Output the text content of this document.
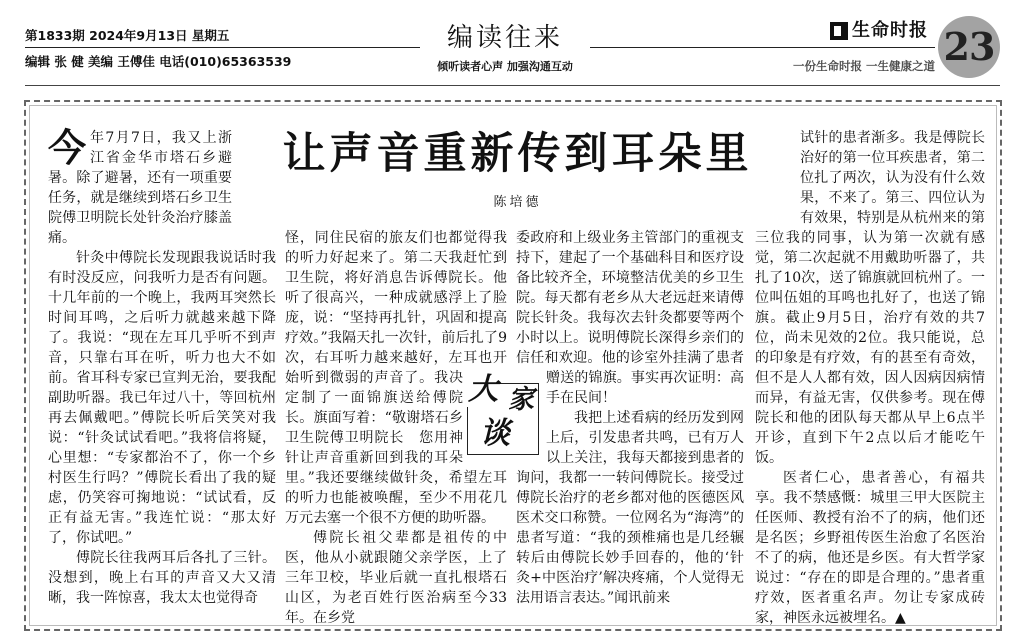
第1833期 2024年9月13日 星期五
编辑 张 健 美编 王傅佳 电话(010)65363539
编读往来
倾听读者心声 加强沟通互动
生命时报
一份生命时报 一生健康之道 23
让声音重新传到耳朵里
陈培德

今年7月7日，我又上浙江省金华市塔石乡避暑。除了避暑，还有一项重要任务，就是继续到塔石乡卫生院傅卫明院长处针灸治疗膝盖痛。

针灸中傅院长发现跟我说话时我有时没反应，问我听力是否有问题。十几年前的一个晚上，我两耳突然长时间耳鸣，之后听力就越来越下降了。我说：“现在左耳几乎听不到声音，只靠右耳在听，听力也大不如前。省耳科专家已宣判无治，要我配副助听器。我已年过八十，等回杭州再去佩戴吧。”傅院长听后笑笑对我说：“针灸试试看吧。”我将信将疑，心里想：“专家都治不了，你一个乡村医生行吗？”傅院长看出了我的疑虑，仍笑容可掬地说：“试试看，反正有益无害。”我连忙说：“那太好了，你试吧。”

傅院长往我两耳后各扎了三针。没想到，晚上右耳的声音又大又清晰，我一阵惊喜，我太太也觉得奇

怪，同住民宿的旅友们也都觉得我的听力好起来了。第二天我赶忙到卫生院，将好消息告诉傅院长。他听了很高兴，一种成就感浮上了脸庞，说：“坚持再扎针，巩固和提高疗效。”我隔天扎一次针，前后扎了9次，右耳听力越来越好，左耳也开始听到微弱的声音了。我决定制了一面锦旗送给傅院长。旗面写着：“敬谢塔石乡卫生院傅卫明院长　您用神针让声音重新回到我的耳朵里。”我还要继续做针灸，希望左耳的听力也能被唤醒，至少不用花几万元去塞一个很不方便的助听器。

傅院长祖父辈都是祖传的中医，他从小就跟随父亲学医，上了三年卫校，毕业后就一直扎根塔石山区，为老百姓行医治病至今33年。在乡党

委政府和上级业务主管部门的重视支持下，建起了一个基础科目和医疗设备比较齐全，环境整洁优美的乡卫生院。每天都有老乡从大老远赶来请傅院长针灸。我每次去针灸都要等两个小时以上。说明傅院长深得乡亲们的信任和欢迎。他的诊室外挂满了患者赠送的锦旗。事实再次证明：高手在民间！

我把上述看病的经历发到网上后，引发患者共鸣，已有万人以上关注，我每天都接到患者的询问，我都一一转问傅院长。接受过傅院长治疗的老乡都对他的医德医风医术交口称赞。一位网名为“海湾”的患者写道：“我的颈椎痛也是几经辗转后由傅院长妙手回春的，他的‘针灸+中医治疗’解决疼痛，个人觉得无法用语言表达。”闻讯前来

试针的患者渐多。我是傅院长治好的第一位耳疾患者，第二位扎了两次，认为没有什么效果，不来了。第三、四位认为有效果，特别是从杭州来的第三位我的同事，认为第一次就有感觉，第二次起就不用戴助听器了，共扎了10次，送了锦旗就回杭州了。一位叫伍姐的耳鸣也扎好了，也送了锦旗。截止9月5日，治疗有效的共7位，尚未见效的2位。我只能说，总的印象是有疗效，有的甚至有奇效，但不是人人都有效，因人因病因病情而异，有益无害，仅供参考。现在傅院长和他的团队每天都从早上6点半开诊，直到下午2点以后才能吃午饭。

医者仁心，患者善心，有福共享。我不禁感慨：城里三甲大医院主任医师、教授有治不了的病，他们还是名医；乡野祖传医生治愈了名医治不了的病，他还是乡医。有大哲学家说过：“存在的即是合理的。”患者重疗效，医者重名声。勿让专家成砖家，神医永远被埋名。▲

大 家
谈
